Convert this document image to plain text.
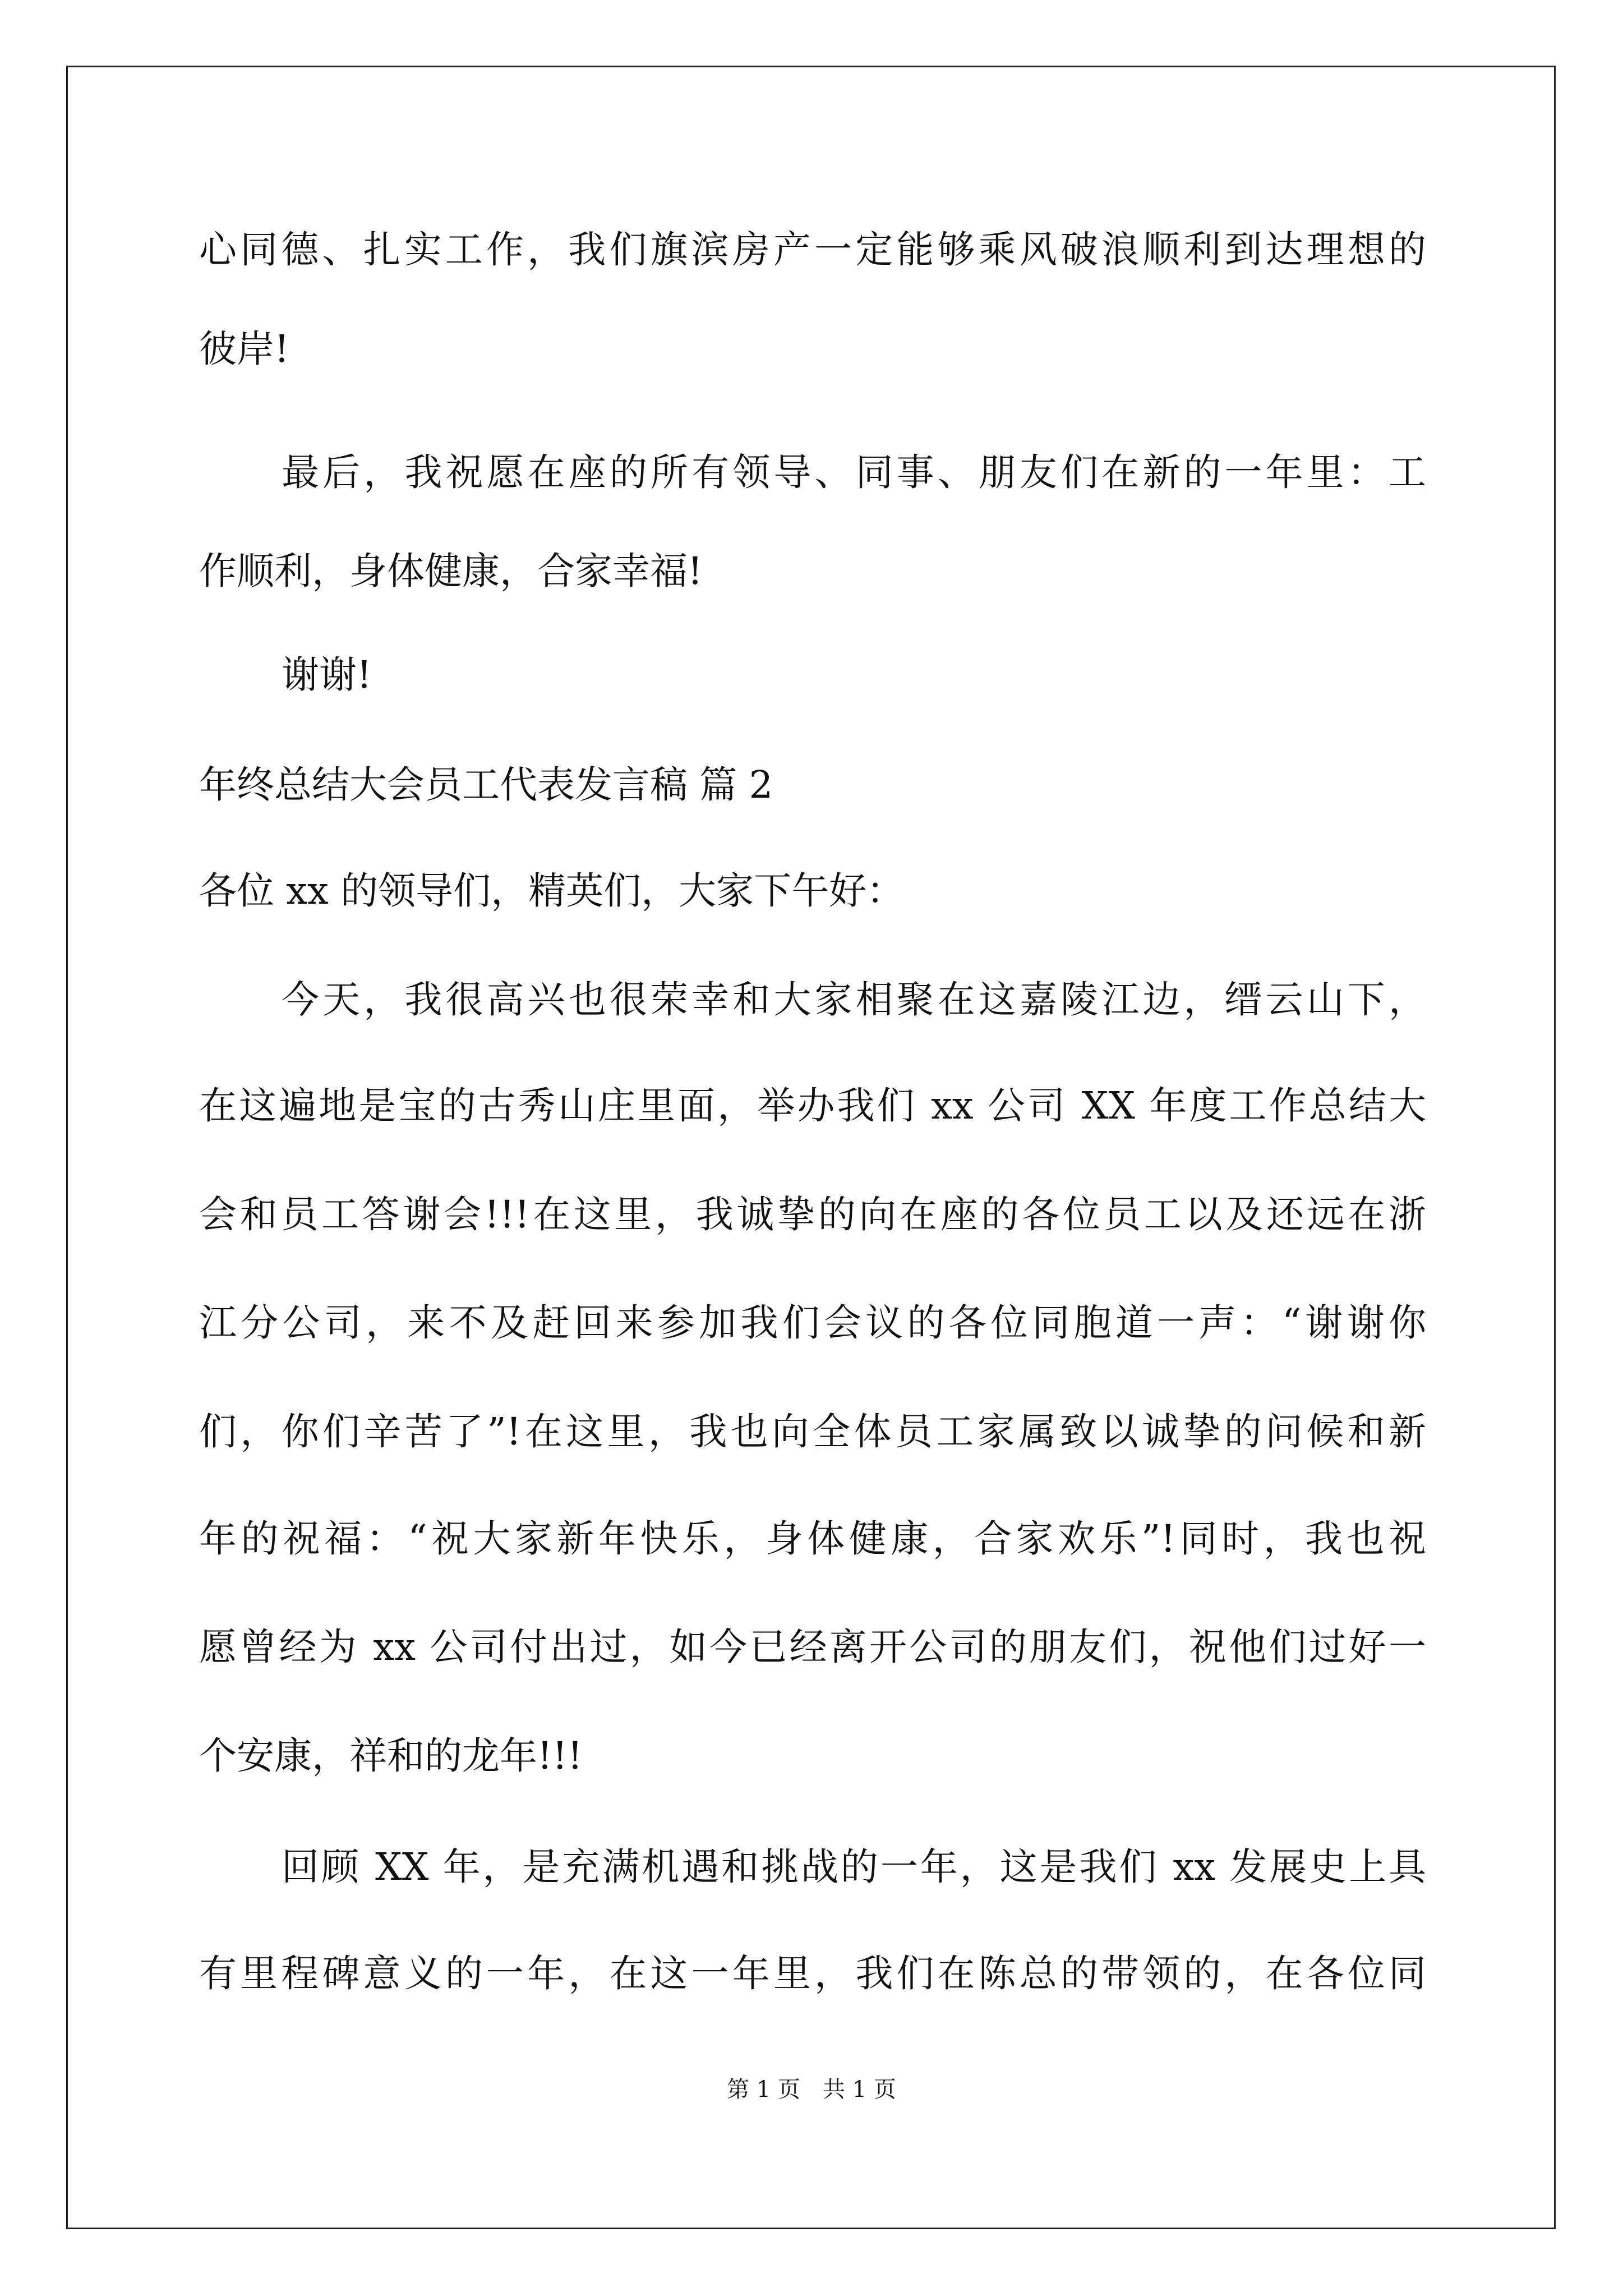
心同德、扎实工作，我们旗滨房产一定能够乘风破浪顺利到达理想的
彼岸!
最后，我祝愿在座的所有领导、同事、朋友们在新的一年里：工
作顺利，身体健康，合家幸福!
谢谢!
年终总结大会员工代表发言稿 篇 2
各位 xx 的领导们，精英们，大家下午好：
今天，我很高兴也很荣幸和大家相聚在这嘉陵江边，缙云山下，
在这遍地是宝的古秀山庄里面，举办我们 xx 公司 XX 年度工作总结大
会和员工答谢会!!!在这里，我诚挚的向在座的各位员工以及还远在浙
江分公司，来不及赶回来参加我们会议的各位同胞道一声：“谢谢你
们，你们辛苦了”!在这里，我也向全体员工家属致以诚挚的问候和新
年的祝福：“祝大家新年快乐，身体健康，合家欢乐”!同时，我也祝
愿曾经为 xx 公司付出过，如今已经离开公司的朋友们，祝他们过好一
个安康，祥和的龙年!!!
回顾 XX 年，是充满机遇和挑战的一年，这是我们 xx 发展史上具
有里程碑意义的一年，在这一年里，我们在陈总的带领的，在各位同
第 1 页　共 1 页
